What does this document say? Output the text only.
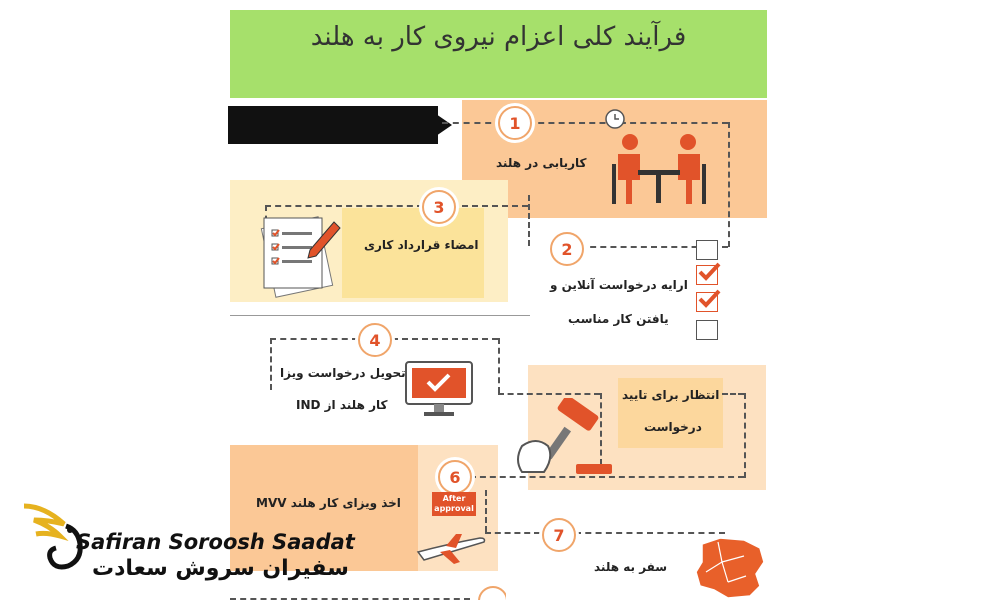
فرآیند کلی اعزام نیروی کار به هلند
1
2
3
4
6
7
کاریابی در هلند
ارایه درخواست آنلاین و
یافتن کار مناسب
امضاء قرارداد کاری
تحویل درخواست ویزا
کار هلند از IND
انتظار برای تایید
درخواست
اخذ ویزای کار هلند MVV
سفر به هلند
After approval
Safiran Soroosh Saadat
سفیران سروش سعادت
